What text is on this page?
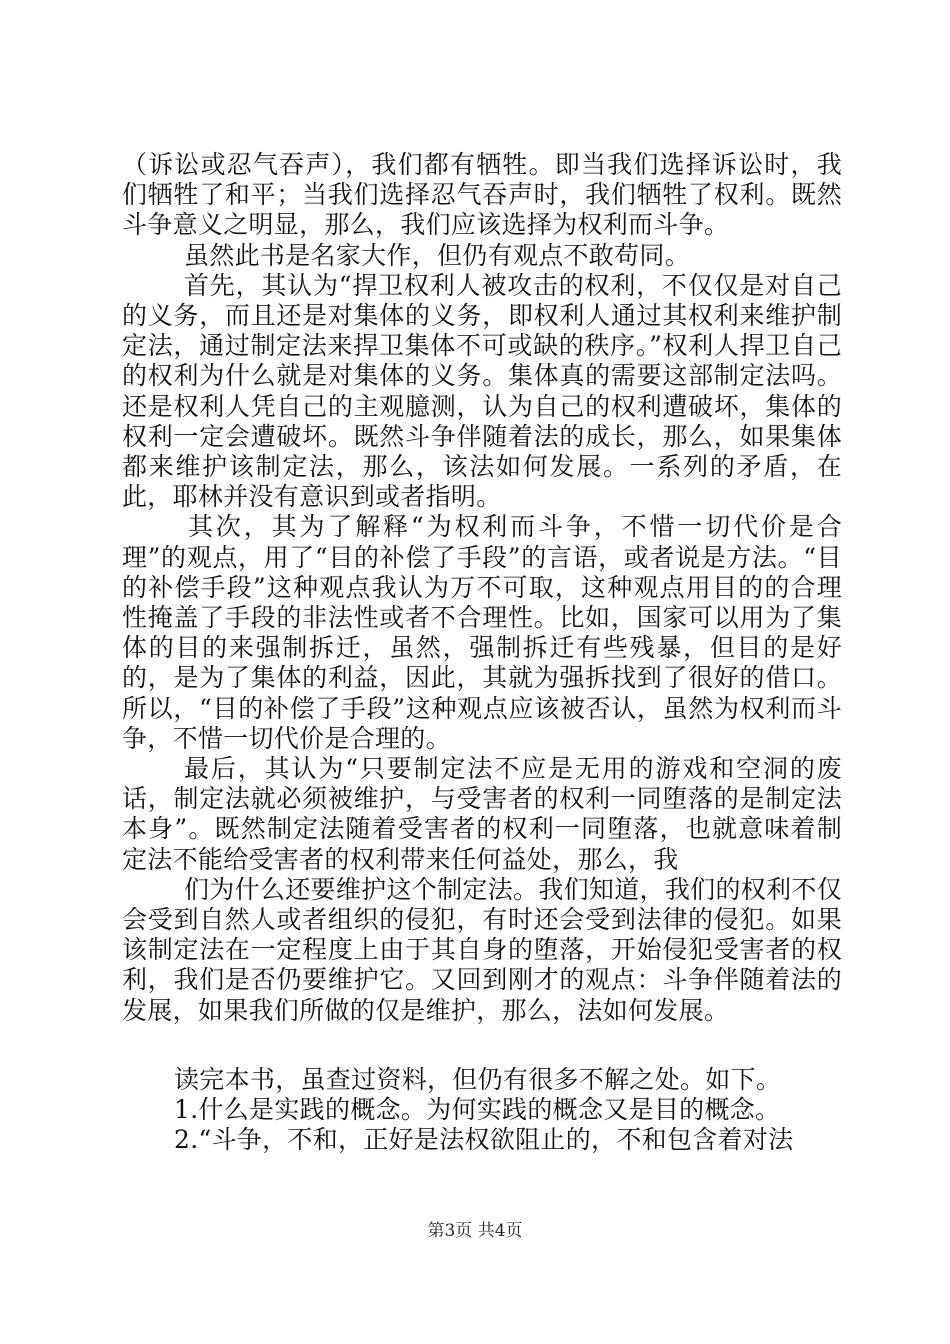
（诉讼或忍气吞声），我们都有牺牲。即当我们选择诉讼时，我们牺牲了和平；当我们选择忍气吞声时，我们牺牲了权利。既然斗争意义之明显，那么，我们应该选择为权利而斗争。

虽然此书是名家大作，但仍有观点不敢苟同。

首先，其认为“捍卫权利人被攻击的权利，不仅仅是对自己的义务，而且还是对集体的义务，即权利人通过其权利来维护制定法，通过制定法来捍卫集体不可或缺的秩序。”权利人捍卫自己的权利为什么就是对集体的义务。集体真的需要这部制定法吗。还是权利人凭自己的主观臆测，认为自己的权利遭破坏，集体的权利一定会遭破坏。既然斗争伴随着法的成长，那么，如果集体都来维护该制定法，那么，该法如何发展。一系列的矛盾，在此，耶林并没有意识到或者指明。

其次，其为了解释“为权利而斗争，不惜一切代价是合理”的观点，用了“目的补偿了手段”的言语，或者说是方法。“目的补偿手段”这种观点我认为万不可取，这种观点用目的的合理性掩盖了手段的非法性或者不合理性。比如，国家可以用为了集体的目的来强制拆迁，虽然，强制拆迁有些残暴，但目的是好的，是为了集体的利益，因此，其就为强拆找到了很好的借口。所以，“目的补偿了手段”这种观点应该被否认，虽然为权利而斗争，不惜一切代价是合理的。

最后，其认为“只要制定法不应是无用的游戏和空洞的废话，制定法就必须被维护，与受害者的权利一同堕落的是制定法本身”。既然制定法随着受害者的权利一同堕落，也就意味着制定法不能给受害者的权利带来任何益处，那么，我

们为什么还要维护这个制定法。我们知道，我们的权利不仅会受到自然人或者组织的侵犯，有时还会受到法律的侵犯。如果该制定法在一定程度上由于其自身的堕落，开始侵犯受害者的权利，我们是否仍要维护它。又回到刚才的观点：斗争伴随着法的发展，如果我们所做的仅是维护，那么，法如何发展。

读完本书，虽查过资料，但仍有很多不解之处。如下。

1.什么是实践的概念。为何实践的概念又是目的概念。

2.“斗争，不和，正好是法权欲阻止的，不和包含着对法

第3页 共4页
